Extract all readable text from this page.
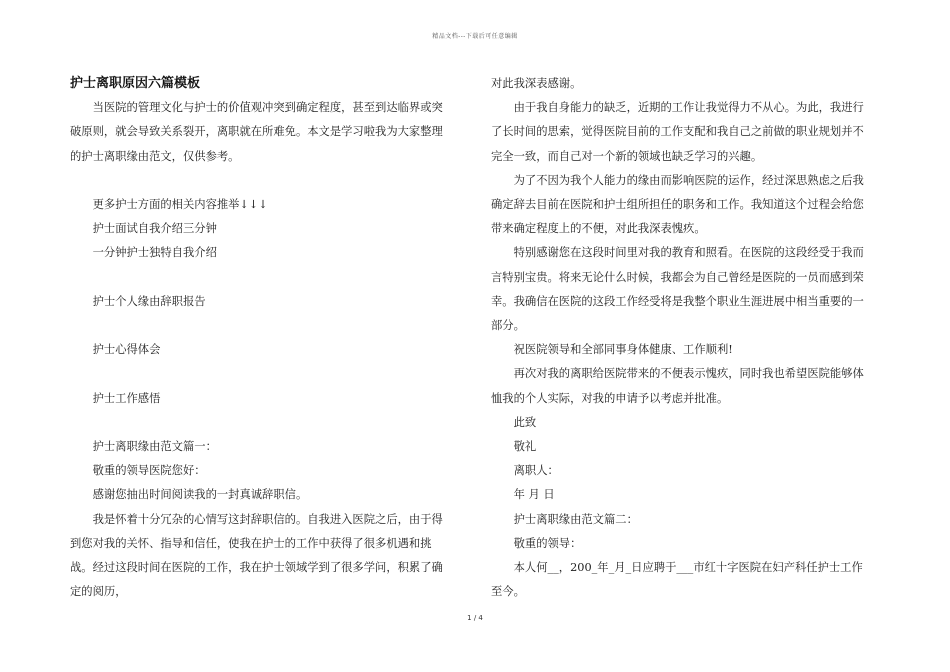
精品文档---下载后可任意编辑

护士离职原因六篇模板

当医院的管理文化与护士的价值观冲突到确定程度，甚至到达临界或突破原则，就会导致关系裂开，离职就在所难免。本文是学习啦我为大家整理的护士离职缘由范文，仅供参考。

更多护士方面的相关内容推举↓↓↓

护士面试自我介绍三分钟

一分钟护士独特自我介绍

护士个人缘由辞职报告

护士心得体会

护士工作感悟

护士离职缘由范文篇一：

敬重的领导医院您好：

感谢您抽出时间阅读我的一封真诚辞职信。

我是怀着十分冗杂的心情写这封辞职信的。自我进入医院之后，由于得到您对我的关怀、指导和信任，使我在护士的工作中获得了很多机遇和挑战。经过这段时间在医院的工作，我在护士领域学到了很多学问，积累了确定的阅历，

对此我深表感谢。

由于我自身能力的缺乏，近期的工作让我觉得力不从心。为此，我进行了长时间的思索，觉得医院目前的工作支配和我自己之前做的职业规划并不完全一致，而自己对一个新的领域也缺乏学习的兴趣。

为了不因为我个人能力的缘由而影响医院的运作，经过深思熟虑之后我确定辞去目前在医院和护士组所担任的职务和工作。我知道这个过程会给您带来确定程度上的不便，对此我深表愧疚。

特别感谢您在这段时间里对我的教育和照看。在医院的这段经受于我而言特别宝贵。将来无论什么时候，我都会为自己曾经是医院的一员而感到荣幸。我确信在医院的这段工作经受将是我整个职业生涯进展中相当重要的一部分。

祝医院领导和全部同事身体健康、工作顺利!

再次对我的离职给医院带来的不便表示愧疚，同时我也希望医院能够体恤我的个人实际，对我的申请予以考虑并批准。

此致

敬礼

离职人：

年 月 日

护士离职缘由范文篇二：

敬重的领导：

本人何__，200_年_月_日应聘于___市红十字医院在妇产科任护士工作至今。

1 / 4
